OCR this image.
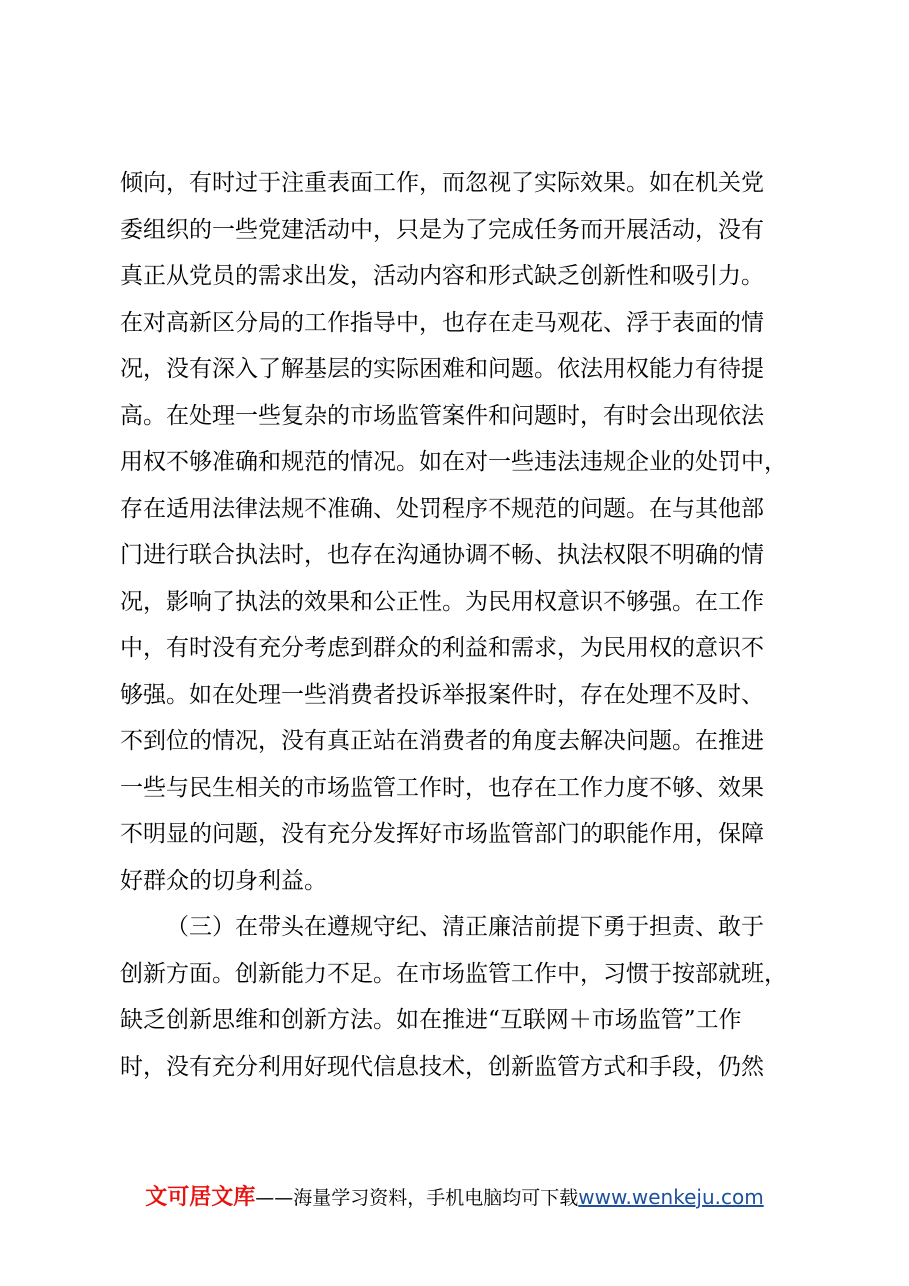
倾向，有时过于注重表面工作，而忽视了实际效果。如在机关党
委组织的一些党建活动中，只是为了完成任务而开展活动，没有
真正从党员的需求出发，活动内容和形式缺乏创新性和吸引力。
在对高新区分局的工作指导中，也存在走马观花、浮于表面的情
况，没有深入了解基层的实际困难和问题。依法用权能力有待提
高。在处理一些复杂的市场监管案件和问题时，有时会出现依法
用权不够准确和规范的情况。如在对一些违法违规企业的处罚中，
存在适用法律法规不准确、处罚程序不规范的问题。在与其他部
门进行联合执法时，也存在沟通协调不畅、执法权限不明确的情
况，影响了执法的效果和公正性。为民用权意识不够强。在工作
中，有时没有充分考虑到群众的利益和需求，为民用权的意识不
够强。如在处理一些消费者投诉举报案件时，存在处理不及时、
不到位的情况，没有真正站在消费者的角度去解决问题。在推进
一些与民生相关的市场监管工作时，也存在工作力度不够、效果
不明显的问题，没有充分发挥好市场监管部门的职能作用，保障
好群众的切身利益。
（三）在带头在遵规守纪、清正廉洁前提下勇于担责、敢于
创新方面。创新能力不足。在市场监管工作中，习惯于按部就班，
缺乏创新思维和创新方法。如在推进“互联网＋市场监管”工作
时，没有充分利用好现代信息技术，创新监管方式和手段，仍然
文可居文库——海量学习资料，手机电脑均可下载www.wenkeju.com
